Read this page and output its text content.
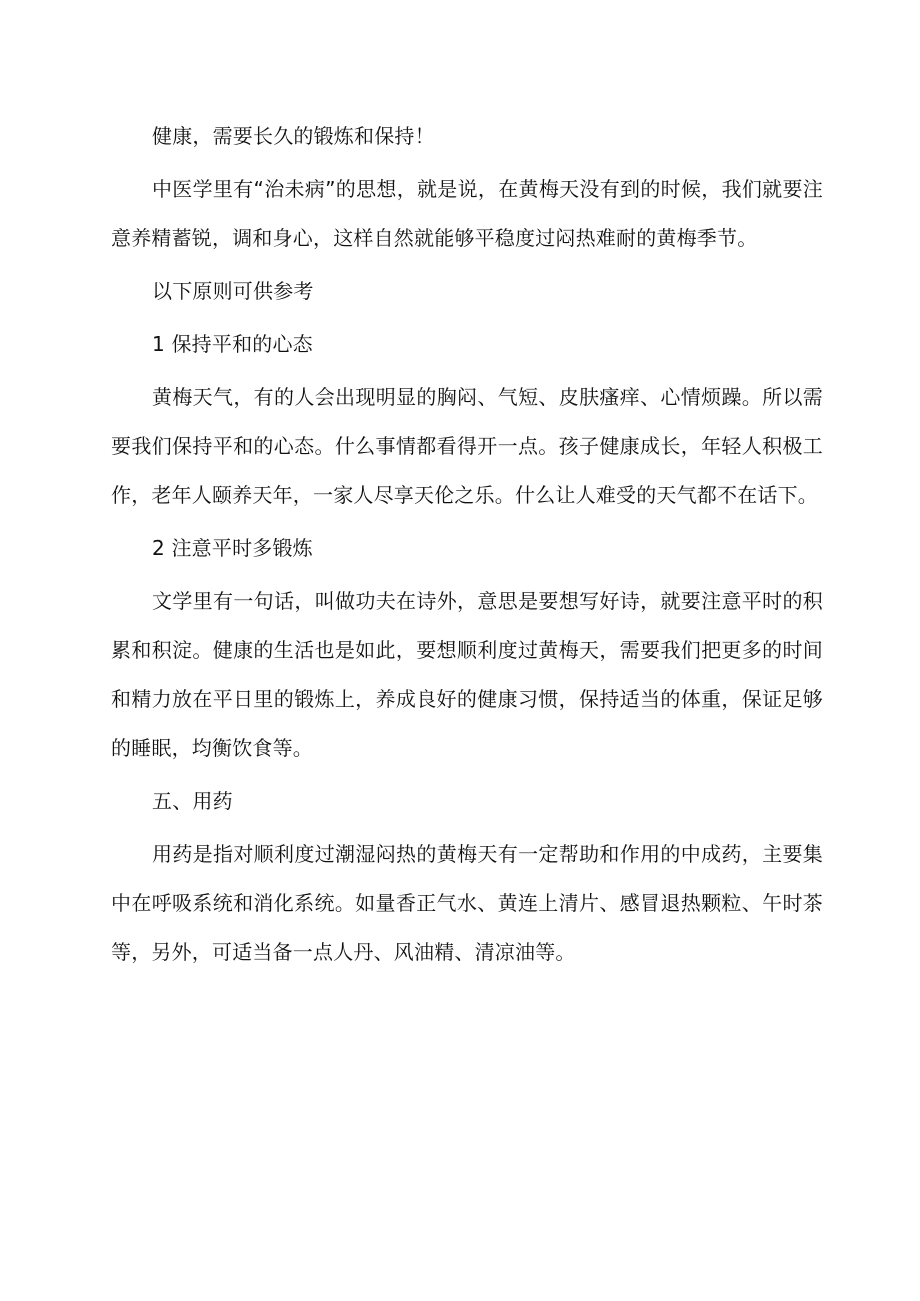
健康，需要长久的锻炼和保持！

中医学里有“治未病”的思想，就是说，在黄梅天没有到的时候，我们就要注意养精蓄锐，调和身心，这样自然就能够平稳度过闷热难耐的黄梅季节。

以下原则可供参考

1 保持平和的心态

黄梅天气，有的人会出现明显的胸闷、气短、皮肤瘙痒、心情烦躁。所以需要我们保持平和的心态。什么事情都看得开一点。孩子健康成长，年轻人积极工作，老年人颐养天年，一家人尽享天伦之乐。什么让人难受的天气都不在话下。

2 注意平时多锻炼

文学里有一句话，叫做功夫在诗外，意思是要想写好诗，就要注意平时的积累和积淀。健康的生活也是如此，要想顺利度过黄梅天，需要我们把更多的时间和精力放在平日里的锻炼上，养成良好的健康习惯，保持适当的体重，保证足够的睡眠，均衡饮食等。

五、用药

用药是指对顺利度过潮湿闷热的黄梅天有一定帮助和作用的中成药，主要集中在呼吸系统和消化系统。如量香正气水、黄连上清片、感冒退热颗粒、午时茶等，另外，可适当备一点人丹、风油精、清凉油等。
